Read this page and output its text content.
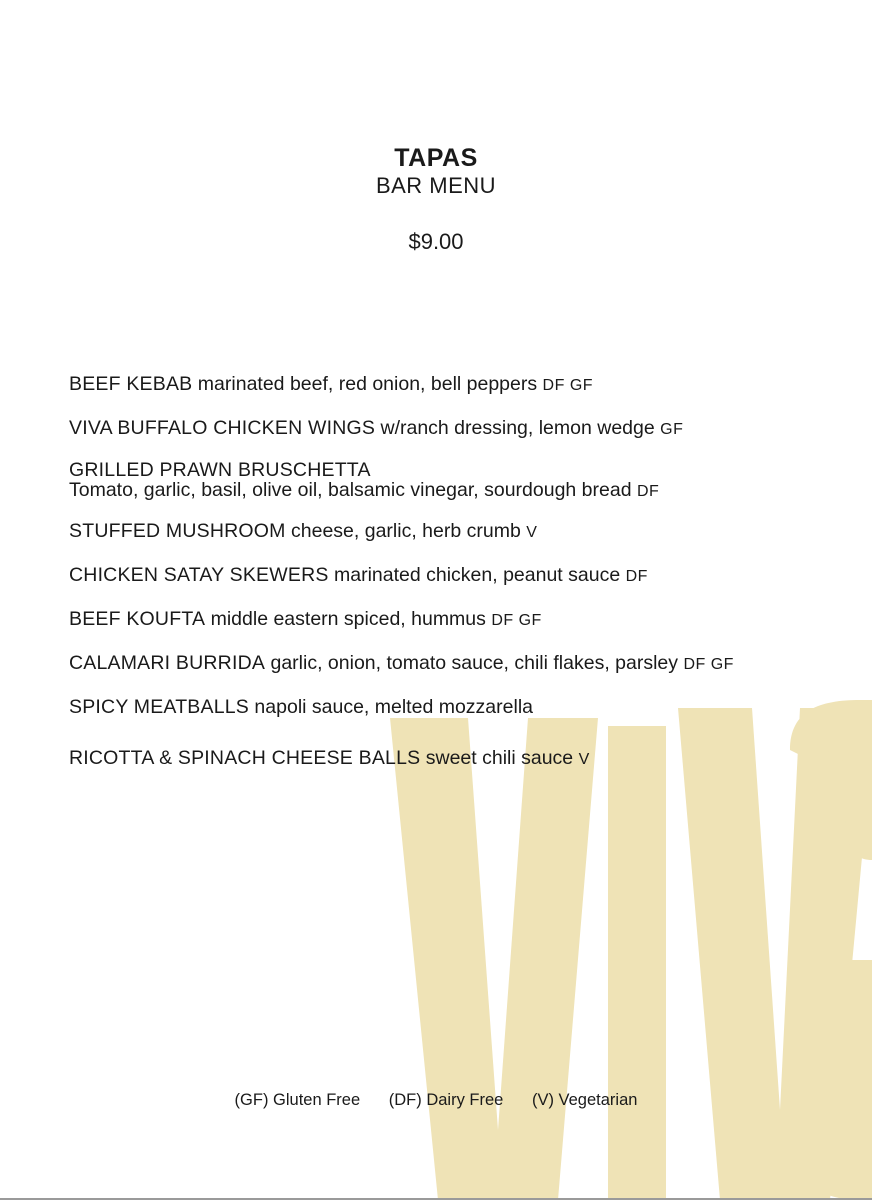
TAPAS
BAR MENU
$9.00
BEEF KEBAB marinated beef, red onion, bell peppers DF GF
VIVA BUFFALO CHICKEN WINGS w/ranch dressing, lemon wedge GF
GRILLED PRAWN BRUSCHETTA
Tomato, garlic, basil, olive oil, balsamic vinegar, sourdough bread DF
STUFFED MUSHROOM cheese, garlic, herb crumb V
CHICKEN SATAY SKEWERS marinated chicken, peanut sauce DF
BEEF KOUFTA middle eastern spiced, hummus DF GF
CALAMARI BURRIDA garlic, onion, tomato sauce, chili flakes, parsley DF GF
SPICY MEATBALLS napoli sauce, melted mozzarella
RICOTTA & SPINACH CHEESE BALLS sweet chili sauce V
(GF) Gluten Free (DF) Dairy Free (V) Vegetarian
